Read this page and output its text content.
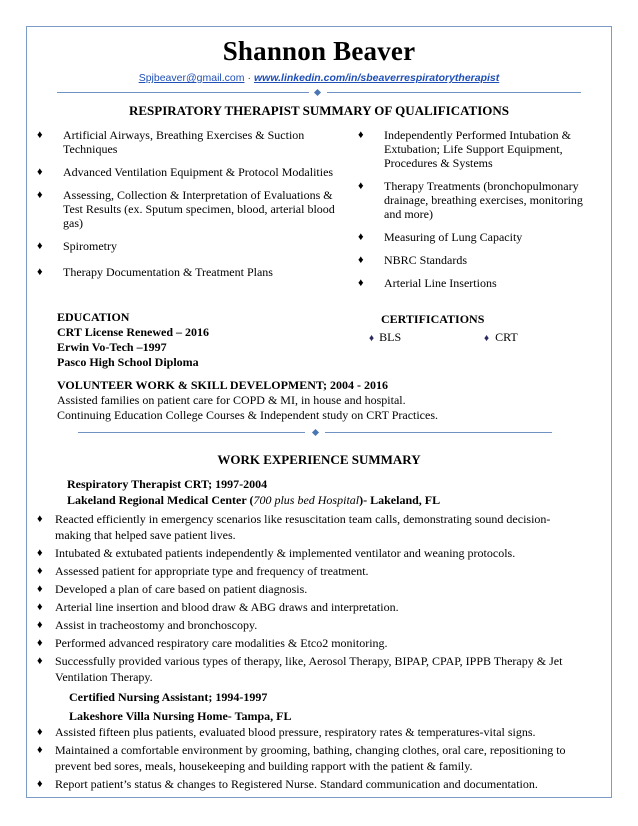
Shannon Beaver
Spjbeaver@gmail.com · www.linkedin.com/in/sbeaverrespiratorytherapist
RESPIRATORY THERAPIST SUMMARY OF QUALIFICATIONS
♦ Artificial Airways, Breathing Exercises & Suction Techniques
♦ Advanced Ventilation Equipment & Protocol Modalities
♦ Assessing, Collection & Interpretation of Evaluations & Test Results (ex. Sputum specimen, blood, arterial blood gas)
♦ Spirometry
♦ Therapy Documentation & Treatment Plans
♦ Independently Performed Intubation & Extubation; Life Support Equipment, Procedures & Systems
♦ Therapy Treatments (bronchopulmonary drainage, breathing exercises, monitoring and more)
♦ Measuring of Lung Capacity
♦ NBRC Standards
♦ Arterial Line Insertions
EDUCATION
CRT License Renewed – 2016
Erwin Vo-Tech –1997
Pasco High School Diploma
CERTIFICATIONS
♦ BLS	♦ CRT
VOLUNTEER WORK & SKILL DEVELOPMENT; 2004 - 2016
Assisted families on patient care for COPD & MI, in house and hospital.
Continuing Education College Courses & Independent study on CRT Practices.
WORK EXPERIENCE SUMMARY
Respiratory Therapist CRT; 1997-2004
Lakeland Regional Medical Center (700 plus bed Hospital)- Lakeland, FL
♦ Reacted efficiently in emergency scenarios like resuscitation team calls, demonstrating sound decision-making that helped save patient lives.
♦ Intubated & extubated patients independently & implemented ventilator and weaning protocols.
♦ Assessed patient for appropriate type and frequency of treatment.
♦ Developed a plan of care based on patient diagnosis.
♦ Arterial line insertion and blood draw & ABG draws and interpretation.
♦ Assist in tracheostomy and bronchoscopy.
♦ Performed advanced respiratory care modalities & Etco2 monitoring.
♦ Successfully provided various types of therapy, like, Aerosol Therapy, BIPAP, CPAP, IPPB Therapy & Jet Ventilation Therapy.
Certified Nursing Assistant; 1994-1997
Lakeshore Villa Nursing Home- Tampa, FL
♦ Assisted fifteen plus patients, evaluated blood pressure, respiratory rates & temperatures-vital signs.
♦ Maintained a comfortable environment by grooming, bathing, changing clothes, oral care, repositioning to prevent bed sores, meals, housekeeping and building rapport with the patient & family.
♦ Report patient’s status & changes to Registered Nurse. Standard communication and documentation.
